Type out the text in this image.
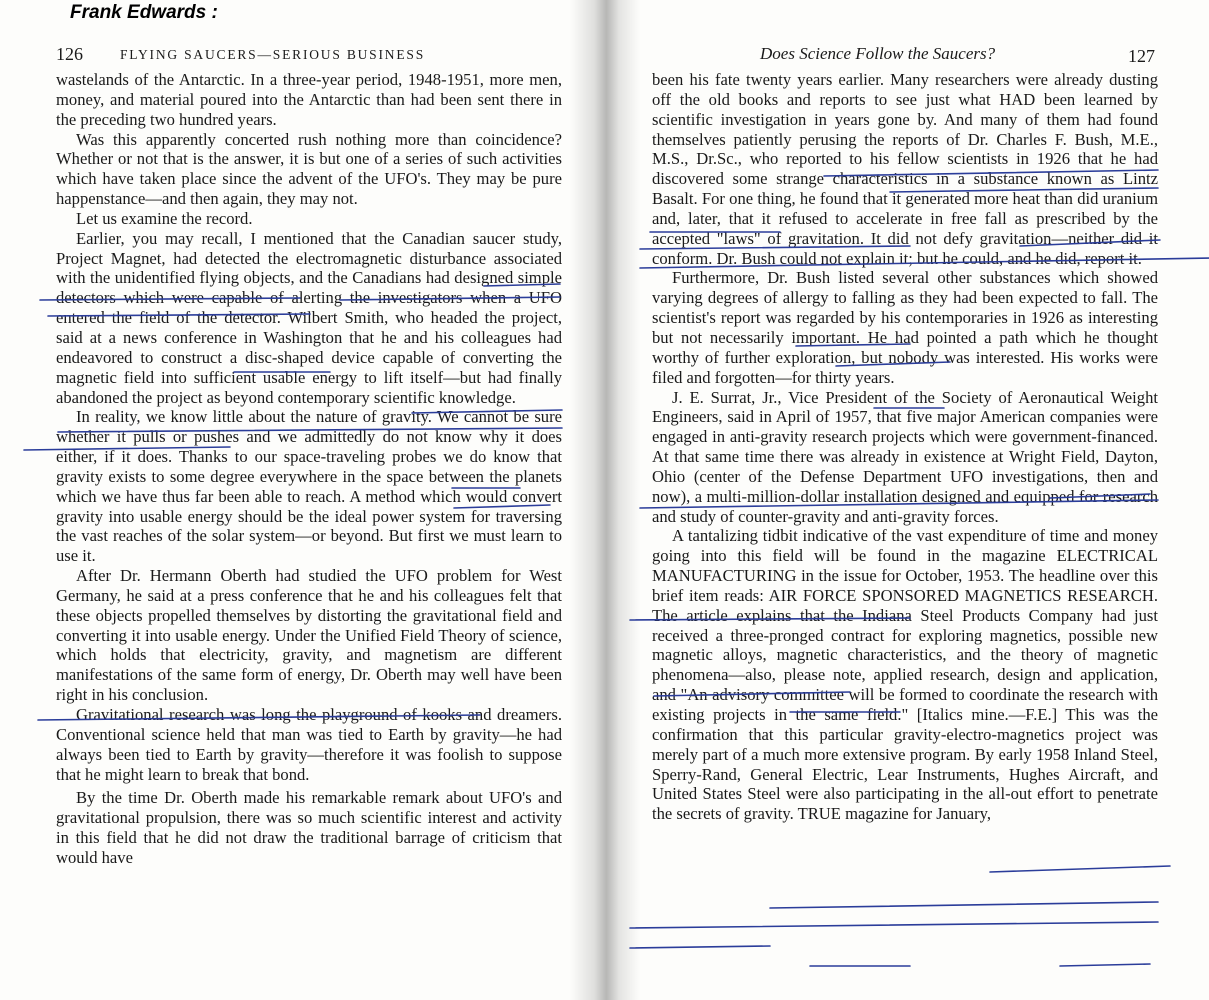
Frank Edwards :
126	FLYING SAUCERS—SERIOUS BUSINESS

wastelands of the Antarctic. In a three-year period, 1948-1951, more men, money, and material poured into the Antarctic than had been sent there in the preceding two hundred years.

Was this apparently concerted rush nothing more than coincidence? Whether or not that is the answer, it is but one of a series of such activities which have taken place since the advent of the UFO's. They may be pure happenstance—and then again, they may not.

Let us examine the record.

Earlier, you may recall, I mentioned that the Canadian saucer study, Project Magnet, had detected the electromagnetic disturbance associated with the unidentified flying objects, and the Canadians had designed simple detectors which were capable of alerting the investigators when a UFO entered the field of the detector. Wilbert Smith, who headed the project, said at a news conference in Washington that he and his colleagues had endeavored to construct a disc-shaped device capable of converting the magnetic field into sufficient usable energy to lift itself—but had finally abandoned the project as beyond contemporary scientific knowledge.

In reality, we know little about the nature of gravity. We cannot be sure whether it pulls or pushes and we admittedly do not know why it does either, if it does. Thanks to our space-traveling probes we do know that gravity exists to some degree everywhere in the space between the planets which we have thus far been able to reach. A method which would convert gravity into usable energy should be the ideal power system for traversing the vast reaches of the solar system—or beyond. But first we must learn to use it.

After Dr. Hermann Oberth had studied the UFO problem for West Germany, he said at a press conference that he and his colleagues felt that these objects propelled themselves by distorting the gravitational field and converting it into usable energy. Under the Unified Field Theory of science, which holds that electricity, gravity, and magnetism are different manifestations of the same form of energy, Dr. Oberth may well have been right in his conclusion.

Gravitational research was long the playground of kooks and dreamers. Conventional science held that man was tied to Earth by gravity—he had always been tied to Earth by gravity—therefore it was foolish to suppose that he might learn to break that bond.

By the time Dr. Oberth made his remarkable remark about UFO's and gravitational propulsion, there was so much scientific interest and activity in this field that he did not draw the traditional barrage of criticism that would have

Does Science Follow the Saucers?	127

been his fate twenty years earlier. Many researchers were already dusting off the old books and reports to see just what HAD been learned by scientific investigation in years gone by. And many of them had found themselves patiently perusing the reports of Dr. Charles F. Bush, M.E., M.S., Dr.Sc., who reported to his fellow scientists in 1926 that he had discovered some strange characteristics in a substance known as Lintz Basalt. For one thing, he found that it generated more heat than did uranium and, later, that it refused to accelerate in free fall as prescribed by the accepted "laws" of gravitation. It did not defy gravitation—neither did it conform. Dr. Bush could not explain it; but he could, and he did, report it.

Furthermore, Dr. Bush listed several other substances which showed varying degrees of allergy to falling as they had been expected to fall. The scientist's report was regarded by his contemporaries in 1926 as interesting but not necessarily important. He had pointed a path which he thought worthy of further exploration, but nobody was interested. His works were filed and forgotten—for thirty years.

J. E. Surrat, Jr., Vice President of the Society of Aeronautical Weight Engineers, said in April of 1957, that five major American companies were engaged in anti-gravity research projects which were government-financed. At that same time there was already in existence at Wright Field, Dayton, Ohio (center of the Defense Department UFO investigations, then and now), a multi-million-dollar installation designed and equipped for research and study of counter-gravity and anti-gravity forces.

A tantalizing tidbit indicative of the vast expenditure of time and money going into this field will be found in the magazine ELECTRICAL MANUFACTURING in the issue for October, 1953. The headline over this brief item reads: AIR FORCE SPONSORED MAGNETICS RESEARCH. The article explains that the Indiana Steel Products Company had just received a three-pronged contract for exploring magnetics, possible new magnetic alloys, magnetic characteristics, and the theory of magnetic phenomena—also, please note, applied research, design and application, and "An advisory committee will be formed to coordinate the research with existing projects in the same field." [Italics mine.—F.E.] This was the confirmation that this particular gravity-electro-magnetics project was merely part of a much more extensive program. By early 1958 Inland Steel, Sperry-Rand, General Electric, Lear Instruments, Hughes Aircraft, and United States Steel were also participating in the all-out effort to penetrate the secrets of gravity. TRUE magazine for January,
